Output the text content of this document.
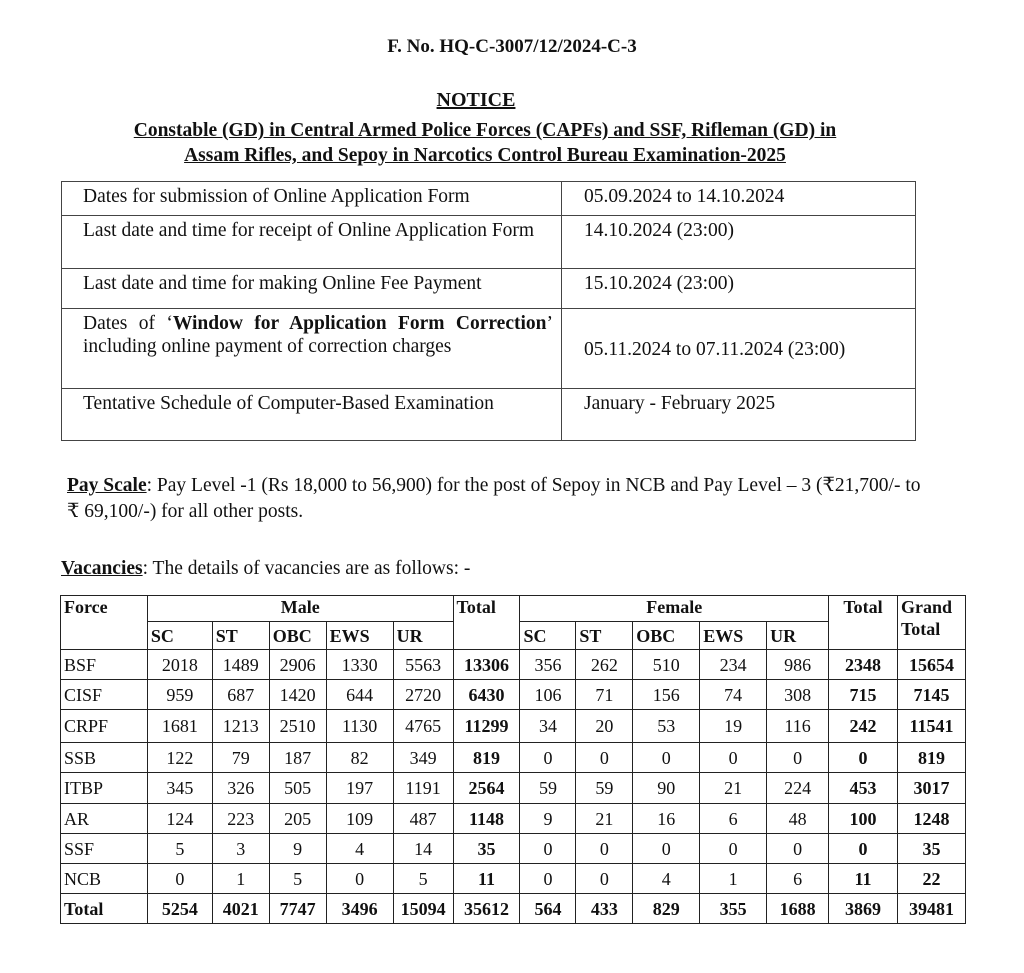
F. No. HQ-C-3007/12/2024-C-3
NOTICE
Constable (GD) in Central Armed Police Forces (CAPFs) and SSF, Rifleman (GD) in
Assam Rifles, and Sepoy in Narcotics Control Bureau Examination-2025
Dates for submission of Online Application Form	05.09.2024 to 14.10.2024
Last date and time for receipt of Online Application Form	14.10.2024 (23:00)
Last date and time for making Online Fee Payment	15.10.2024 (23:00)
Dates of ‘Window for Application Form Correction’ including online payment of correction charges	05.11.2024 to 07.11.2024 (23:00)
Tentative Schedule of Computer-Based Examination	January - February 2025
Pay Scale: Pay Level -1 (Rs 18,000 to 56,900) for the post of Sepoy in NCB and Pay Level – 3 (₹21,700/- to ₹ 69,100/-) for all other posts.
Vacancies: The details of vacancies are as follows: -
Force	Male					Total	Female					Total	Grand Total
	SC	ST	OBC	EWS	UR		SC	ST	OBC	EWS	UR		
BSF	2018	1489	2906	1330	5563	13306	356	262	510	234	986	2348	15654
CISF	959	687	1420	644	2720	6430	106	71	156	74	308	715	7145
CRPF	1681	1213	2510	1130	4765	11299	34	20	53	19	116	242	11541
SSB	122	79	187	82	349	819	0	0	0	0	0	0	819
ITBP	345	326	505	197	1191	2564	59	59	90	21	224	453	3017
AR	124	223	205	109	487	1148	9	21	16	6	48	100	1248
SSF	5	3	9	4	14	35	0	0	0	0	0	0	35
NCB	0	1	5	0	5	11	0	0	4	1	6	11	22
Total	5254	4021	7747	3496	15094	35612	564	433	829	355	1688	3869	39481
